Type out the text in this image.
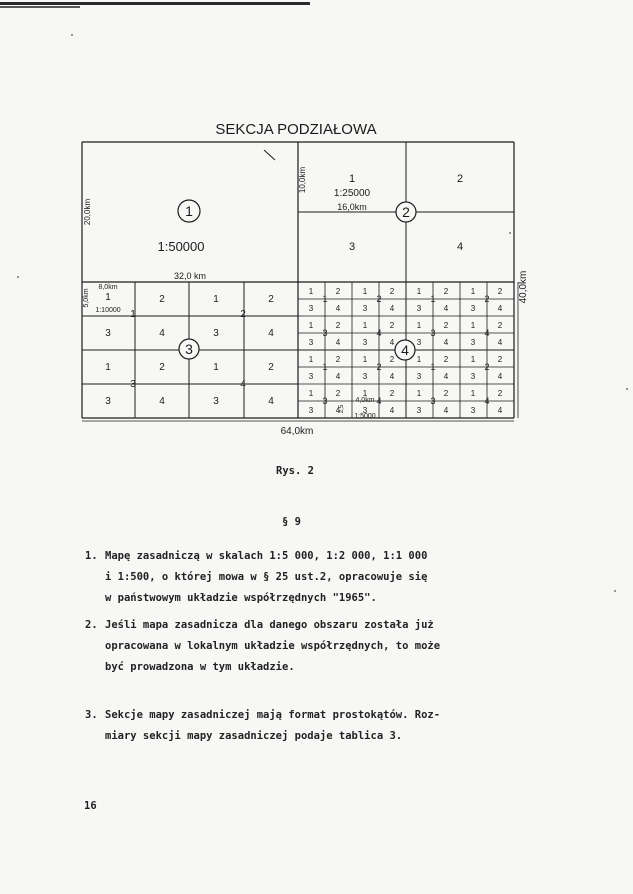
SEKCJA PODZIAŁOWA
1
1:50000
20,0km
32,0 km
1
1:25000
2
3	4
10,0km
16,0km	2
1	2	1	2
3	4	3	4
1	2	1	2
3	4	3	4
8,0km
5,0km
1:10000 1	2
3	4
3
1	2	1	2	1	2	1	2
3	4	3	4	3	4	3	4
1	2	1	2	1	2	1	2
3	4	3	4	3	4	3	4
1	2	1	2	1	2	1	2
3	4	3	4	3	4	3	4
1	2	1	2	1	2	1	2
3	4	3	4	3	4	3	4
1	2	1	2
3	4	3	4
1	2	1	2
3	4	3	4
4
4,0km
2,5
1:5000
64,0km
40,0km
Rys. 2
§ 9
1. Mapę zasadniczą w skalach 1:5 000, 1:2 000, 1:1 000
i 1:500, o której mowa w § 25 ust.2, opracowuje się
w państwowym układzie współrzędnych "1965".
2. Jeśli mapa zasadnicza dla danego obszaru została już
opracowana w lokalnym układzie współrzędnych, to może
być prowadzona w tym układzie.
3. Sekcje mapy zasadniczej mają format prostokątów. Roz-
miary sekcji mapy zasadniczej podaje tablica 3.
16
